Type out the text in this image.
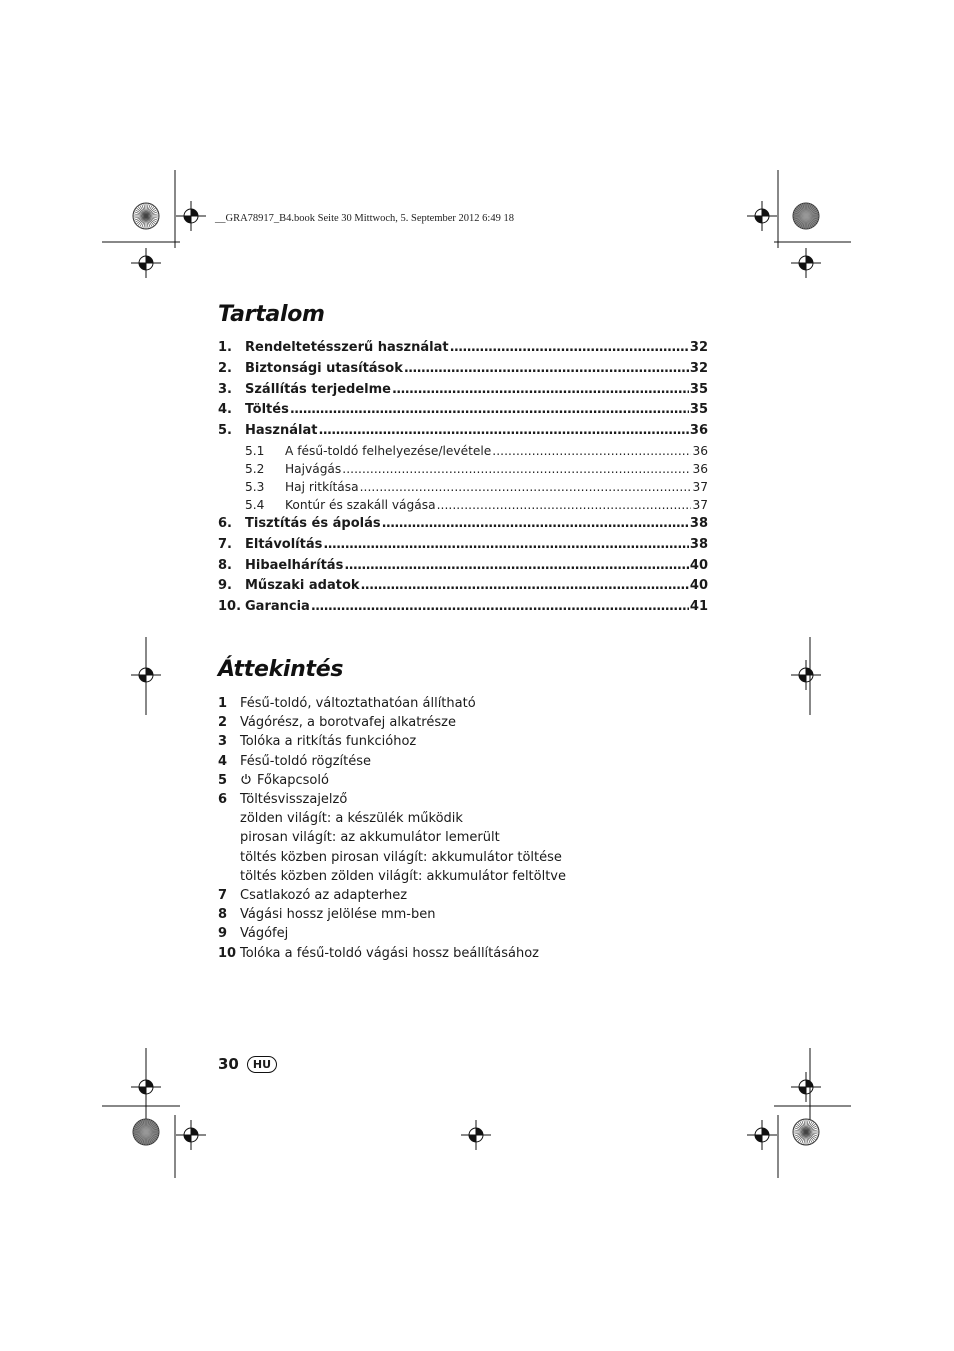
__GRA78917_B4.book Seite 30 Mittwoch, 5. September 2012 6:49 18
Tartalom
1.	Rendeltetésszerű használat . . .	32
2.	Biztonsági utasítások . . .	32
3.	Szállítás terjedelme . . .	35
4.	Töltés . . .	35
5.	Használat . . .	36
5.1	A fésű-toldó felhelyezése/levétele . . .	36
5.2	Hajvágás . . .	36
5.3	Haj ritkítása . . .	37
5.4	Kontúr és szakáll vágása . . .	37
6.	Tisztítás és ápolás . . .	38
7.	Eltávolítás . . .	38
8.	Hibaelhárítás . . .	40
9.	Műszaki adatok . . .	40
10. Garancia . . .	41
Áttekintés
1 Fésű-toldó, változtathatóan állítható
2 Vágórész, a borotvafej alkatrésze
3 Tolóka a ritkítás funkcióhoz
4 Fésű-toldó rögzítése
5	Főkapcsoló
6 Töltésvisszajelző
zölden világít: a készülék működik
pirosan világít: az akkumulátor lemerült
töltés közben pirosan világít: akkumulátor töltése
töltés közben zölden világít: akkumulátor feltöltve
7 Csatlakozó az adapterhez
8 Vágási hossz jelölése mm-ben
9 Vágófej
10 Tolóka a fésű-toldó vágási hossz beállításához
30	HU
